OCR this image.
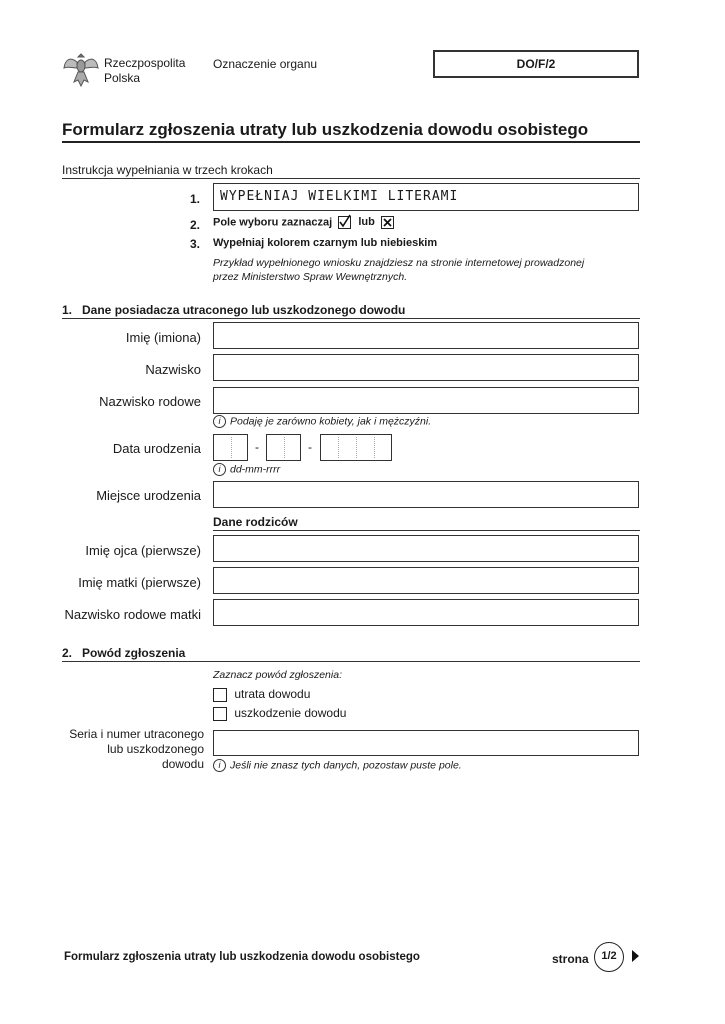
Rzeczpospolita
Polska
Oznaczenie organu	DO/F/2
Formularz zgłoszenia utraty lub uszkodzenia dowodu osobistego
Instrukcja wypełniania w trzech krokach
1.	WYPEŁNIAJ WIELKIMI LITERAMI
2. Pole wyboru zaznaczaj lub
3. Wypełniaj kolorem czarnym lub niebieskim
Przykład wypełnionego wniosku znajdziesz na stronie internetowej prowadzonej
przez Ministerstwo Spraw Wewnętrznych.
1.   Dane posiadacza utraconego lub uszkodzonego dowodu
Imię (imiona)
Nazwisko
Nazwisko rodowe
i Podaję je zarówno kobiety, jak i mężczyźni.
Data urodzenia	-	-
i dd-mm-rrrr
Miejsce urodzenia
Dane rodziców
Imię ojca (pierwsze)
Imię matki (pierwsze)
Nazwisko rodowe matki
2.   Powód zgłoszenia
Zaznacz powód zgłoszenia:
utrata dowodu
uszkodzenie dowodu
Seria i numer utraconego
lub uszkodzonego
dowodu	i Jeśli nie znasz tych danych, pozostaw puste pole.
Formularz zgłoszenia utraty lub uszkodzenia dowodu osobistego	strona	1/2
